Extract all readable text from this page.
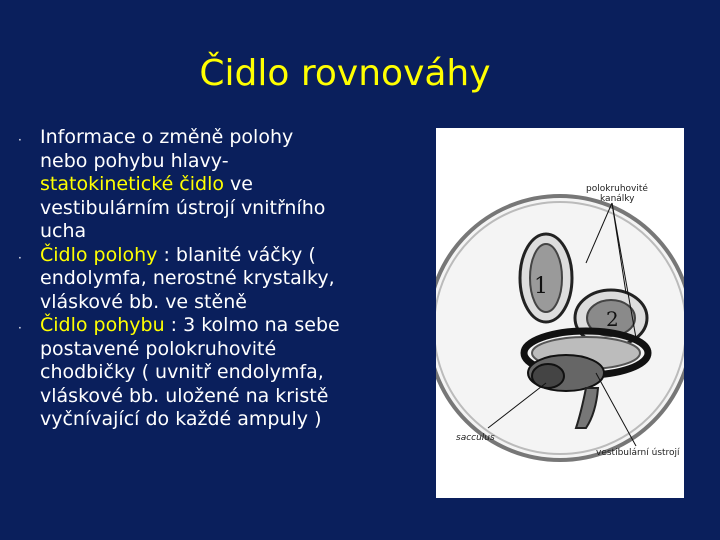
Čidlo rovnováhy
· Informace o změně polohy
nebo pohybu hlavy-
statokinetické čidlo ve
vestibulárním ústrojí vnitřního
ucha
· Čidlo polohy : blanité váčky (
endolymfa, nerostné krystalky,
vláskové bb. ve stěně
· Čidlo pohybu : 3 kolmo na sebe
postavené polokruhovité
chodbičky ( uvnitř endolymfa,
vláskové bb. uložené na kristě
vyčnívající do každé ampuly )
1
2
polokruhovité
kanálky
sacculus
vestibulární ústrojí
